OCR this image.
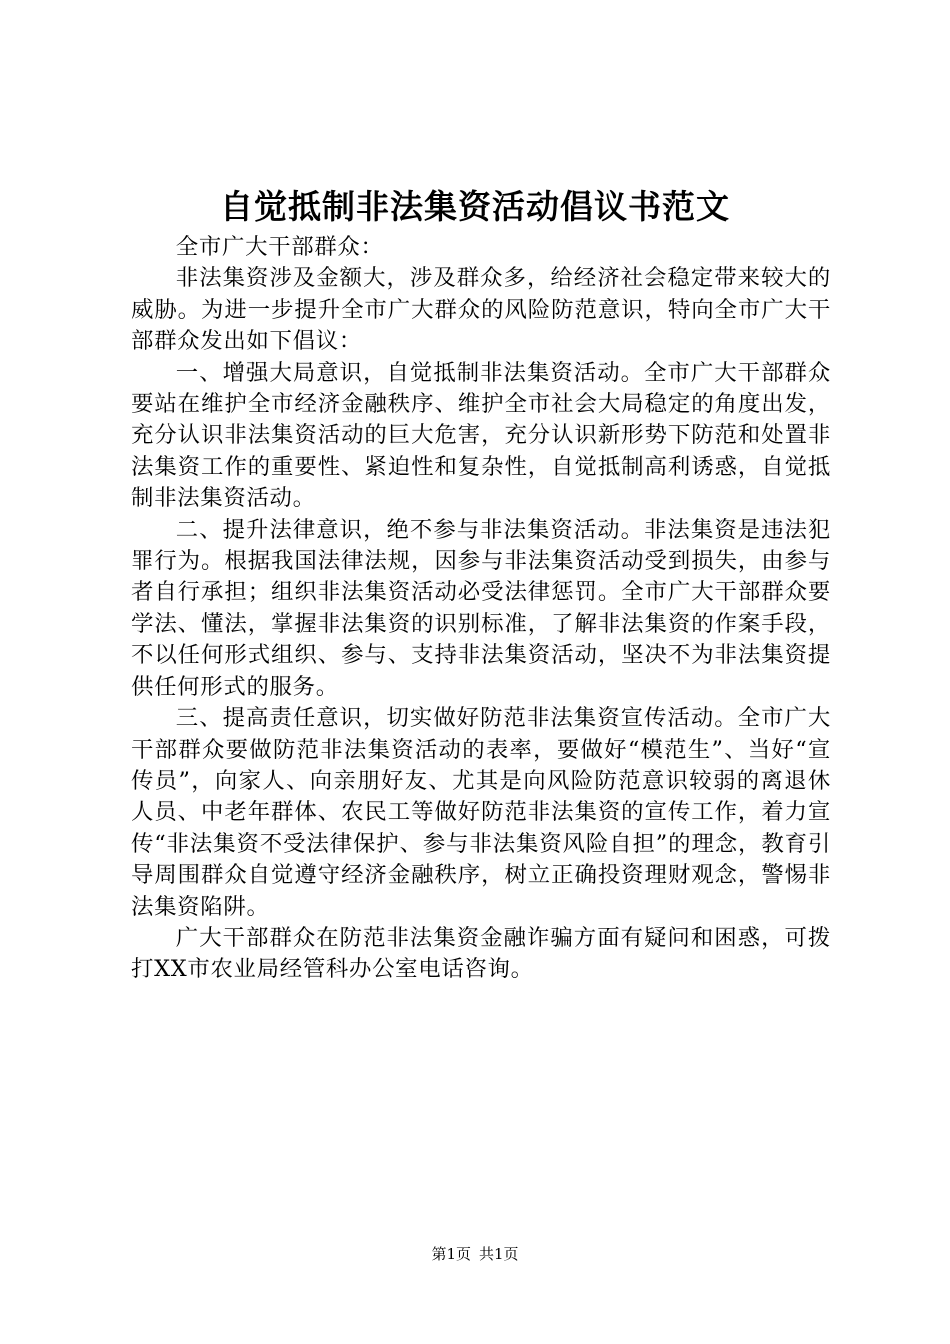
自觉抵制非法集资活动倡议书范文

全市广大干部群众：

非法集资涉及金额大，涉及群众多，给经济社会稳定带来较大的威胁。为进一步提升全市广大群众的风险防范意识，特向全市广大干部群众发出如下倡议：

一、增强大局意识，自觉抵制非法集资活动。全市广大干部群众要站在维护全市经济金融秩序、维护全市社会大局稳定的角度出发，充分认识非法集资活动的巨大危害，充分认识新形势下防范和处置非法集资工作的重要性、紧迫性和复杂性，自觉抵制高利诱惑，自觉抵制非法集资活动。

二、提升法律意识，绝不参与非法集资活动。非法集资是违法犯罪行为。根据我国法律法规，因参与非法集资活动受到损失，由参与者自行承担；组织非法集资活动必受法律惩罚。全市广大干部群众要学法、懂法，掌握非法集资的识别标准，了解非法集资的作案手段，不以任何形式组织、参与、支持非法集资活动，坚决不为非法集资提供任何形式的服务。

三、提高责任意识，切实做好防范非法集资宣传活动。全市广大干部群众要做防范非法集资活动的表率，要做好“模范生”、当好“宣传员”，向家人、向亲朋好友、尤其是向风险防范意识较弱的离退休人员、中老年群体、农民工等做好防范非法集资的宣传工作，着力宣传“非法集资不受法律保护、参与非法集资风险自担”的理念，教育引导周围群众自觉遵守经济金融秩序，树立正确投资理财观念，警惕非法集资陷阱。

广大干部群众在防范非法集资金融诈骗方面有疑问和困惑，可拨打XX市农业局经管科办公室电话咨询。

第1页 共1页
